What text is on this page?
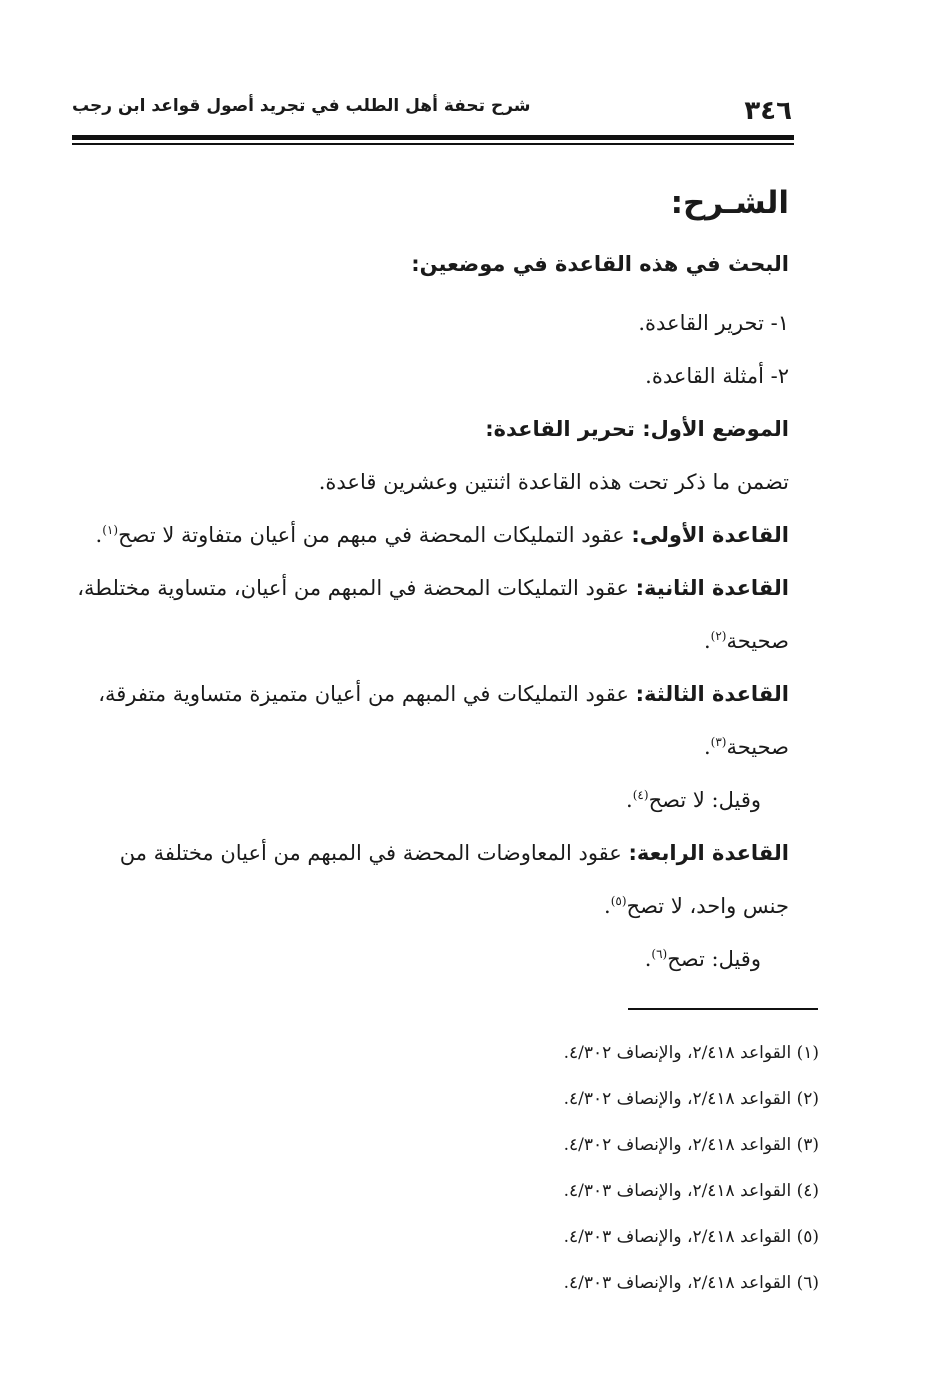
٣٤٦
شرح تحفة أهل الطلب في تجريد أصول قواعد ابن رجب

الشـرح:

البحث في هذه القاعدة في موضعين:

١- تحرير القاعدة.

٢- أمثلة القاعدة.

الموضع الأول: تحرير القاعدة:

تضمن ما ذكر تحت هذه القاعدة اثنتين وعشرين قاعدة.

القاعدة الأولى: عقود التمليكات المحضة في مبهم من أعيان متفاوتة لا تصح$^{(١)}$.

القاعدة الثانية: عقود التمليكات المحضة في المبهم من أعيان، متساوية مختلطة، صحيحة$^{(٢)}$.

القاعدة الثالثة: عقود التمليكات في المبهم من أعيان متميزة متساوية متفرقة، صحيحة$^{(٣)}$.

وقيل: لا تصح$^{(٤)}$.

القاعدة الرابعة: عقود المعاوضات المحضة في المبهم من أعيان مختلفة من جنس واحد، لا تصح$^{(٥)}$.

وقيل: تصح$^{(٦)}$.

(١) القواعد ٢/٤١٨، والإنصاف ٤/٣٠٢.

(٢) القواعد ٢/٤١٨، والإنصاف ٤/٣٠٢.

(٣) القواعد ٢/٤١٨، والإنصاف ٤/٣٠٢.

(٤) القواعد ٢/٤١٨، والإنصاف ٤/٣٠٣.

(٥) القواعد ٢/٤١٨، والإنصاف ٤/٣٠٣.

(٦) القواعد ٢/٤١٨، والإنصاف ٤/٣٠٣.
